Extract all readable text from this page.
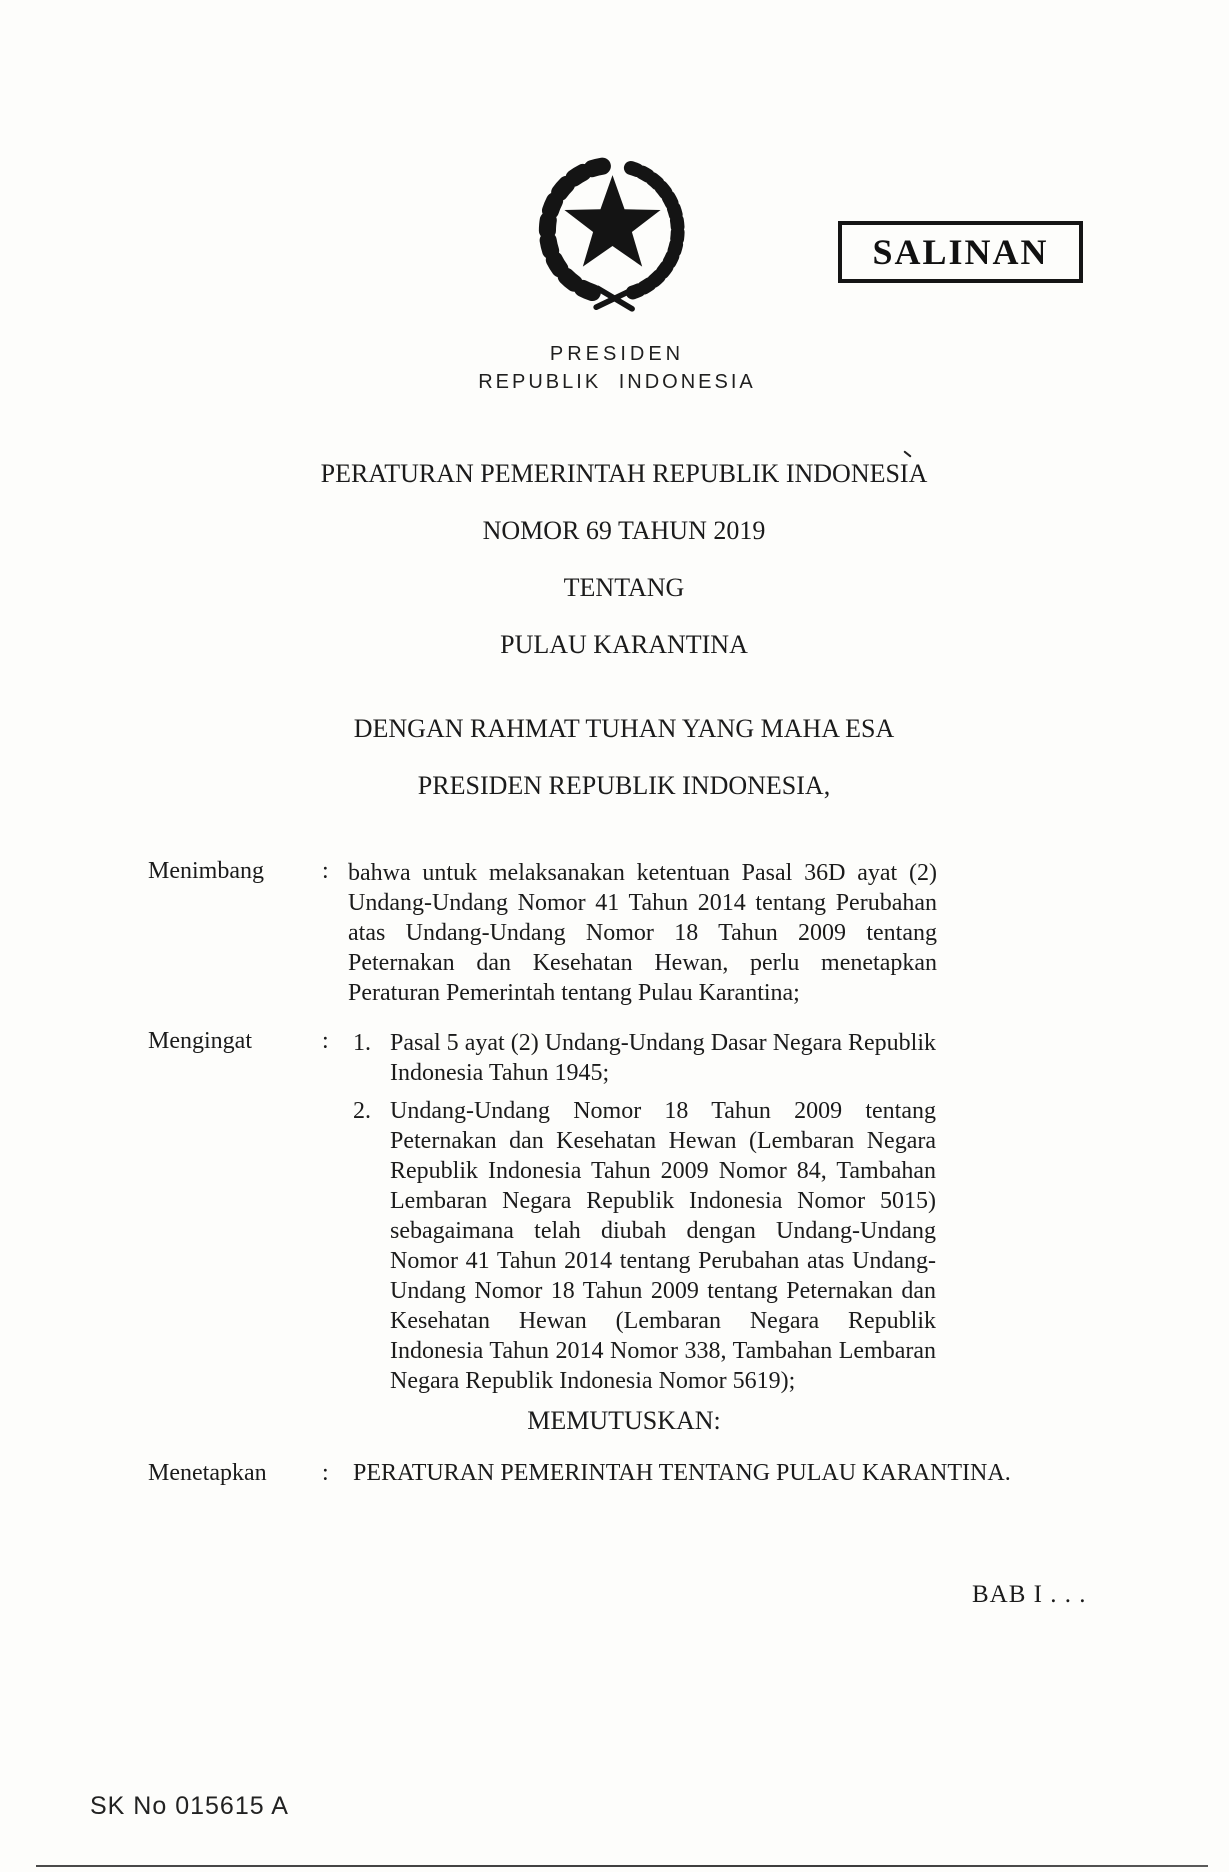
SALINAN
PRESIDEN
REPUBLIK INDONESIA
PERATURAN PEMERINTAH REPUBLIK INDONESIA
NOMOR 69 TAHUN 2019
TENTANG
PULAU KARANTINA
DENGAN RAHMAT TUHAN YANG MAHA ESA
PRESIDEN REPUBLIK INDONESIA,
Menimbang : bahwa untuk melaksanakan ketentuan Pasal 36D ayat (2) Undang-Undang Nomor 41 Tahun 2014 tentang Perubahan atas Undang-Undang Nomor 18 Tahun 2009 tentang Peternakan dan Kesehatan Hewan, perlu menetapkan Peraturan Pemerintah tentang Pulau Karantina;
Mengingat	: 1. Pasal 5 ayat (2) Undang-Undang Dasar Negara Republik Indonesia Tahun 1945;
2. Undang-Undang Nomor 18 Tahun 2009 tentang Peternakan dan Kesehatan Hewan (Lembaran Negara Republik Indonesia Tahun 2009 Nomor 84, Tambahan Lembaran Negara Republik Indonesia Nomor 5015) sebagaimana telah diubah dengan Undang-Undang Nomor 41 Tahun 2014 tentang Perubahan atas Undang-Undang Nomor 18 Tahun 2009 tentang Peternakan dan Kesehatan Hewan (Lembaran Negara Republik Indonesia Tahun 2014 Nomor 338, Tambahan Lembaran Negara Republik Indonesia Nomor 5619);
MEMUTUSKAN:
Menetapkan : PERATURAN PEMERINTAH TENTANG PULAU KARANTINA.
BAB I . . .
SK No 015615 A
